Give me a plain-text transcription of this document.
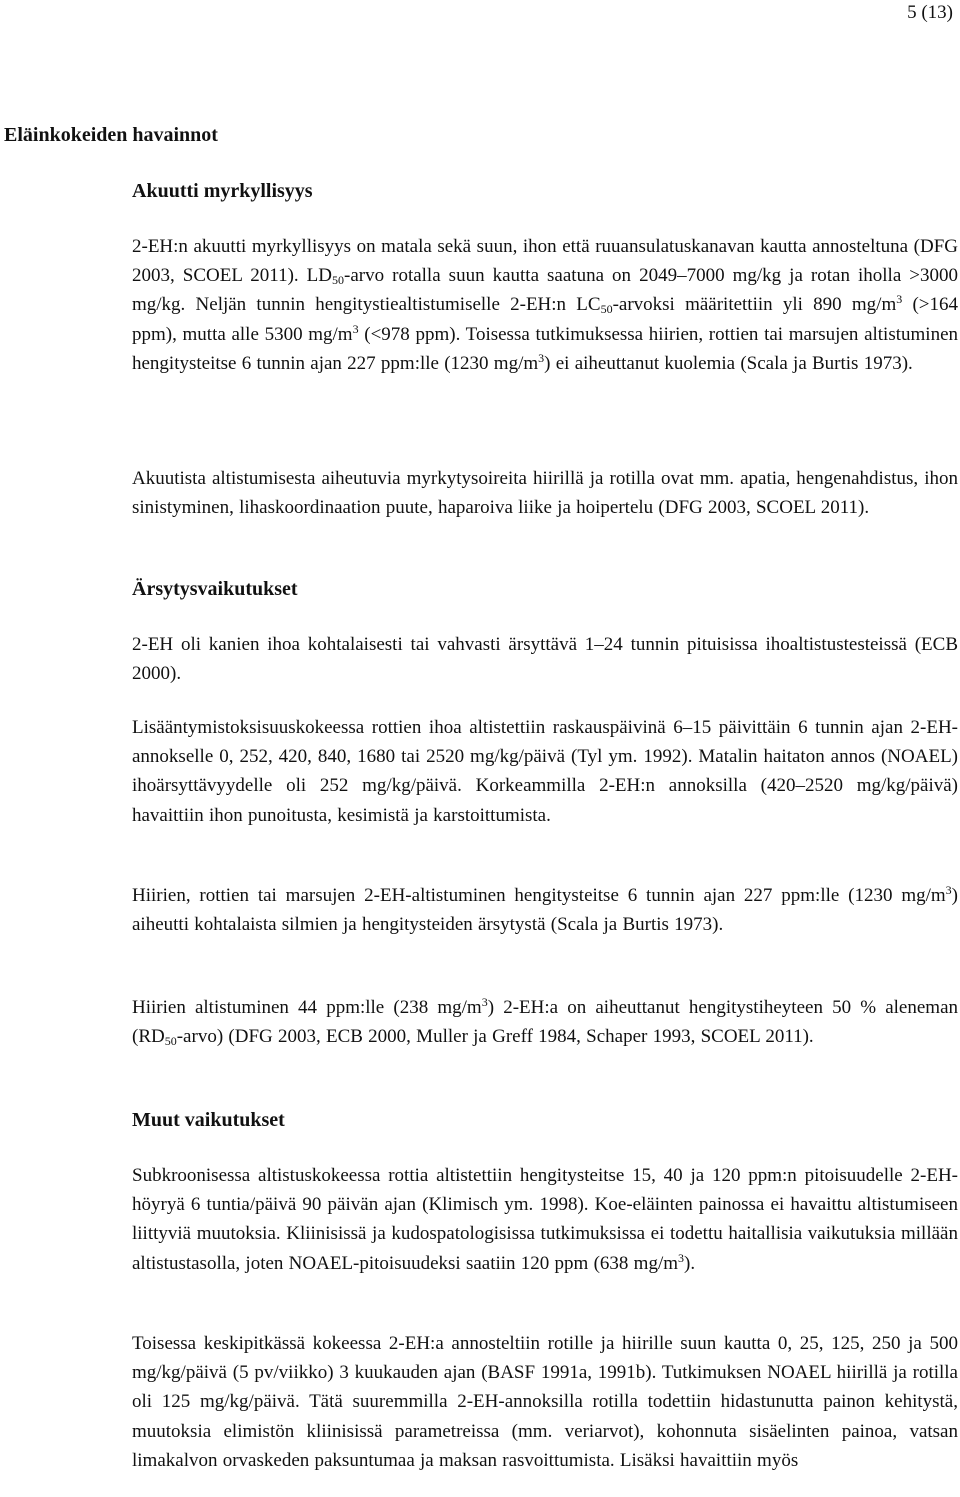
5 (13)
Eläinkokeiden havainnot
Akuutti myrkyllisyys

2-EH:n akuutti myrkyllisyys on matala sekä suun, ihon että ruuansulatuskanavan kautta annosteltuna (DFG 2003, SCOEL 2011). $LD_{50}$-arvo rotalla suun kautta saatuna on 2049–7000 mg/kg ja rotan iholla >3000 mg/kg. Neljän tunnin hengitystiealtistumiselle 2-EH:n $LC_{50}$-arvoksi määritettiin yli 890 $mg/m^3$ (>164 ppm), mutta alle 5300 $mg/m^3$ (<978 ppm). Toisessa tutkimuksessa hiirien, rottien tai marsujen altistuminen hengitysteitse 6 tunnin ajan 227 ppm:lle (1230 $mg/m^3$) ei aiheuttanut kuolemia (Scala ja Burtis 1973).

Akuutista altistumisesta aiheutuvia myrkytysoireita hiirillä ja rotilla ovat mm. apatia, hengenahdistus, ihon sinistyminen, lihaskoordinaation puute, haparoiva liike ja hoipertelu (DFG 2003, SCOEL 2011).

Ärsytysvaikutukset

2-EH oli kanien ihoa kohtalaisesti tai vahvasti ärsyttävä 1–24 tunnin pituisissa ihoaltistustesteissä (ECB 2000).

Lisääntymistoksisuuskokeessa rottien ihoa altistettiin raskauspäivinä 6–15 päivittäin 6 tunnin ajan 2-EH-annokselle 0, 252, 420, 840, 1680 tai 2520 mg/kg/päivä (Tyl ym. 1992). Matalin haitaton annos (NOAEL) ihoärsyttävyydelle oli 252 mg/kg/päivä. Korkeammilla 2-EH:n annoksilla (420–2520 mg/kg/päivä) havaittiin ihon punoitusta, kesimistä ja karstoittumista.

Hiirien, rottien tai marsujen 2-EH-altistuminen hengitysteitse 6 tunnin ajan 227 ppm:lle (1230 $mg/m^3$) aiheutti kohtalaista silmien ja hengitysteiden ärsytystä (Scala ja Burtis 1973).

Hiirien altistuminen 44 ppm:lle (238 $mg/m^3$) 2-EH:a on aiheuttanut hengitystiheyteen 50 % aleneman $(RD_{50}-arvo)$ (DFG 2003, ECB 2000, Muller ja Greff 1984, Schaper 1993, SCOEL 2011).

Muut vaikutukset

Subkroonisessa altistuskokeessa rottia altistettiin hengitysteitse 15, 40 ja 120 ppm:n pitoisuudelle 2-EH-höyryä 6 tuntia/päivä 90 päivän ajan (Klimisch ym. 1998). Koe-eläinten painossa ei havaittu altistumiseen liittyviä muutoksia. Kliinisissä ja kudospatologisissa tutkimuksissa ei todettu haitallisia vaikutuksia millään altistustasolla, joten NOAEL-pitoisuudeksi saatiin 120 ppm (638 $mg/m^3$).

Toisessa keskipitkässä kokeessa 2-EH:a annosteltiin rotille ja hiirille suun kautta 0, 25, 125, 250 ja 500 mg/kg/päivä (5 pv/viikko) 3 kuukauden ajan (BASF 1991a, 1991b). Tutkimuksen NOAEL hiirillä ja rotilla oli 125 mg/kg/päivä. Tätä suuremmilla 2-EH-annoksilla rotilla todettiin hidastunutta painon kehitystä, muutoksia elimistön kliinisissä parametreissa (mm. veriarvot), kohonnuta sisäelinten painoa, vatsan limakalvon orvaskeden paksuntumaa ja maksan rasvoittumista. Lisäksi havaittiin myös
